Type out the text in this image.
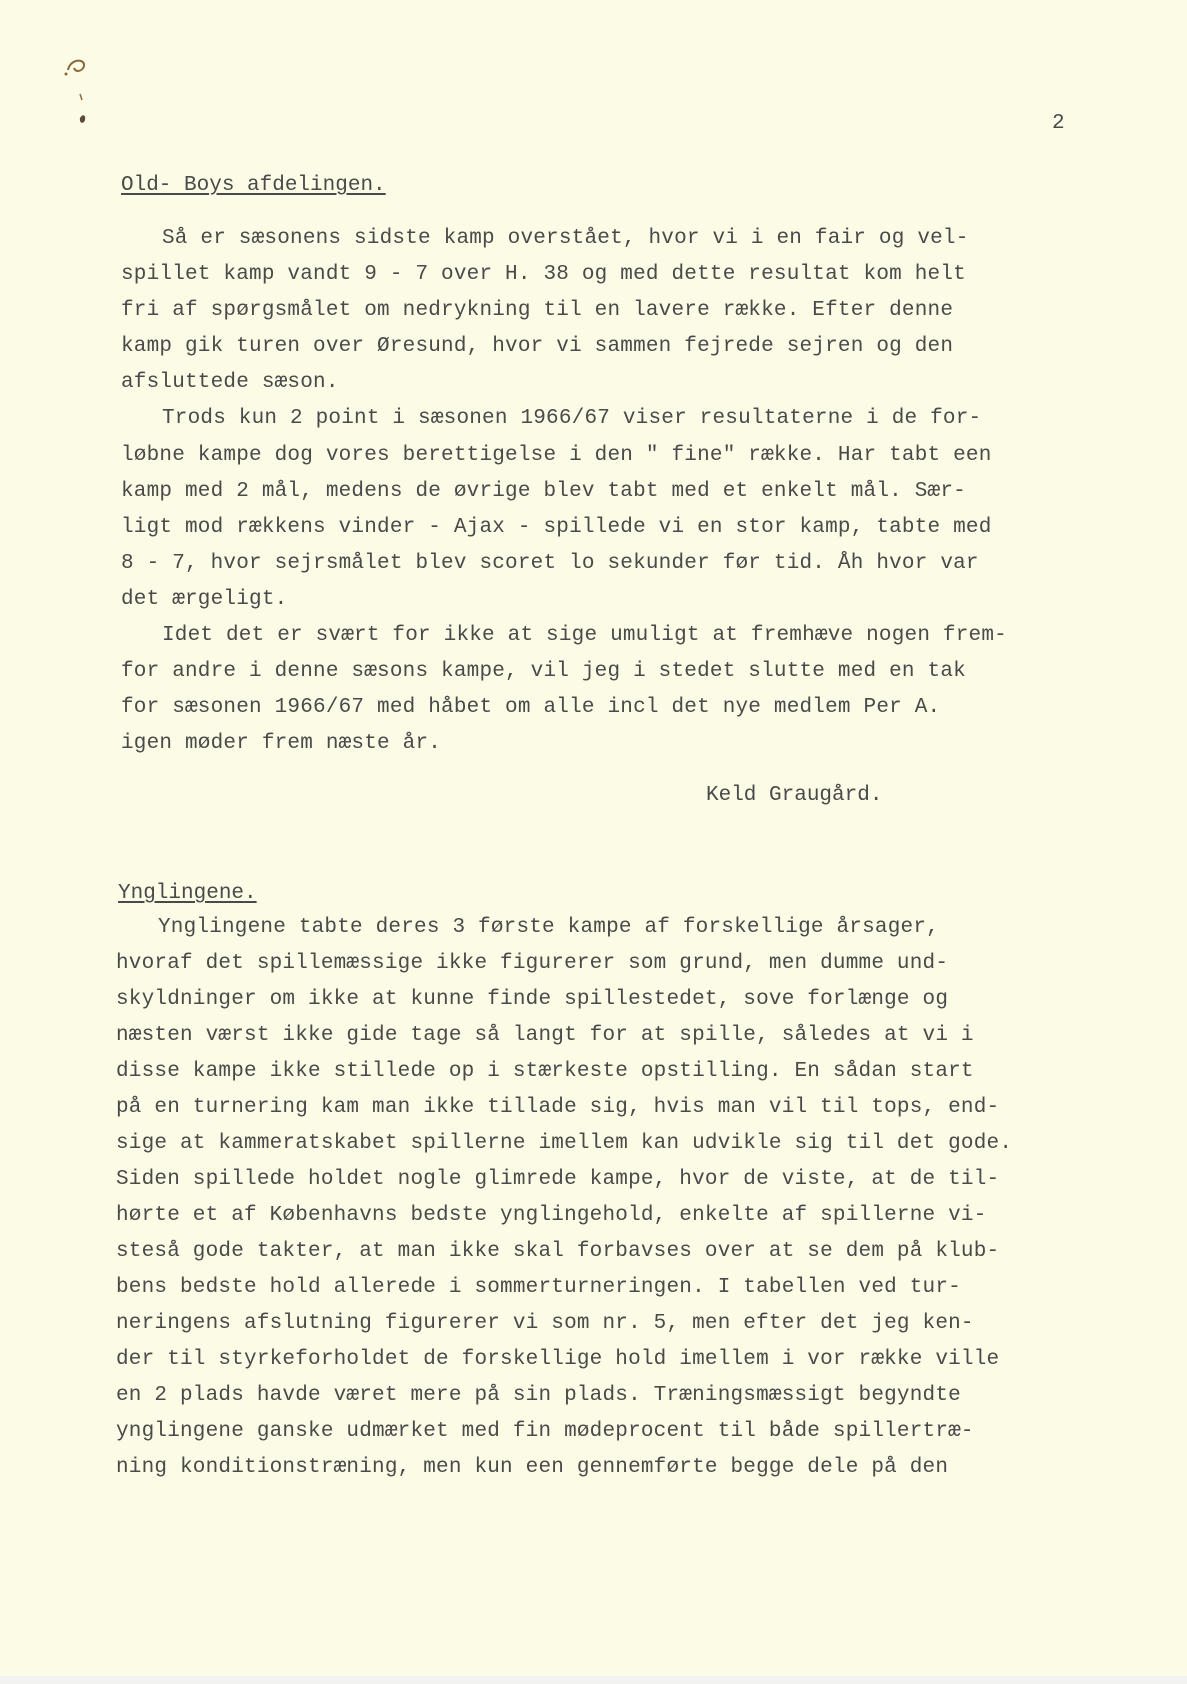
2
Old- Boys afdelingen.
Så er sæsonens sidste kamp overstået, hvor vi i en fair og vel-
spillet kamp vandt 9 - 7 over H. 38 og med dette resultat kom helt
fri af spørgsmålet om nedrykning til en lavere række. Efter denne
kamp gik turen over Øresund, hvor vi sammen fejrede sejren og den
afsluttede sæson.
Trods kun 2 point i sæsonen 1966/67 viser resultaterne i de for-
løbne kampe dog vores berettigelse i den " fine" række. Har tabt een
kamp med 2 mål, medens de øvrige blev tabt med et enkelt mål. Sær-
ligt mod rækkens vinder - Ajax - spillede vi en stor kamp, tabte med
8 - 7, hvor sejrsmålet blev scoret lo sekunder før tid. Åh hvor var
det ærgeligt.
Idet det er svært for ikke at sige umuligt at fremhæve nogen frem-
for andre i denne sæsons kampe, vil jeg i stedet slutte med en tak
for sæsonen 1966/67 med håbet om alle incl det nye medlem Per A.
igen møder frem næste år.
Keld Graugård.
Ynglingene.
Ynglingene tabte deres 3 første kampe af forskellige årsager,
hvoraf det spillemæssige ikke figurerer som grund, men dumme und-
skyldninger om ikke at kunne finde spillestedet, sove forlænge og
næsten værst ikke gide tage så langt for at spille, således at vi i
disse kampe ikke stillede op i stærkeste opstilling. En sådan start
på en turnering kam man ikke tillade sig, hvis man vil til tops, end-
sige at kammeratskabet spillerne imellem kan udvikle sig til det gode.
Siden spillede holdet nogle glimrede kampe, hvor de viste, at de til-
hørte et af Københavns bedste ynglingehold, enkelte af spillerne vi-
steså gode takter, at man ikke skal forbavses over at se dem på klub-
bens bedste hold allerede i sommerturneringen. I tabellen ved tur-
neringens afslutning figurerer vi som nr. 5, men efter det jeg ken-
der til styrkeforholdet de forskellige hold imellem i vor række ville
en 2 plads havde været mere på sin plads. Træningsmæssigt begyndte
ynglingene ganske udmærket med fin mødeprocent til både spillertræ-
ning konditionstræning, men kun een gennemførte begge dele på den
